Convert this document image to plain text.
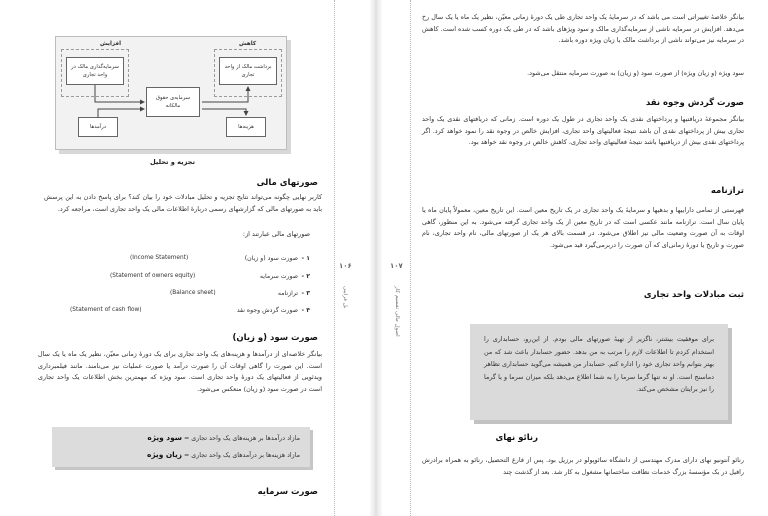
افزایش	کاهش
سرمایه‌گذاری مالک در واحد تجاری
برداشت مالک از واحد تجاری
سرمایه‌ی حقوق مالکانه
درآمدها	هزینه‌ها
تجزیه و تحلیل
صورتهای مالی

کاربر نهایی چگونه می‌تواند نتایج تجزیه و تحلیل مبادلات خود را بیان کند؟ برای پاسخ دادن به این پرسش باید به صورتهای مالی که گزارشهای رسمی دربارهٔ اطلاعات مالی یک واحد تجاری است، مراجعه کرد.

صورتهای مالی عبارتند از:

۱ -
صورت سود (و زیان)
(Income Statement)
۲ -
صورت سرمایه
(Statement of owners equity)
۳ -
ترازنامه
(Balance sheet)
۴ -
صورت گردش وجوه نقد
(Statement of cash flow)
صورت سود (و زیان)

بیانگر خلاصه‌ای از درآمدها و هزینه‌های یک واحد تجاری برای یک دورهٔ زمانی معیّن، نظیر یک ماه یا یک سال است. این صورت را گاهی اوقات آن را صورت درآمد یا صورت عملیات نیز می‌نامند. مانند فیلمبرداری ویدئویی از فعالیتهای یک دورهٔ واحد تجاری است. سود ویژه که مهمترین بخش اطلاعات یک واحد تجاری است در صورت سود (و زیان) منعکس می‌شود.

مازاد درآمدها بر هزینه‌های یک واحد تجاری = سود ویژه
مازاد هزینه‌ها بر درآمدهای یک واحد تجاری = زیان ویژه
صورت سرمایه
۱۰۶
بل فرایبی
۱۰۷
اصول مالی تقسیم کار

بیانگر خلاصهٔ تغییراتی است می باشد که در سرمایهٔ یک واحد تجاری طی یک دورهٔ زمانی معیّن، نظیر یک ماه یا یک سال رخ می‌دهد. افزایش در سرمایه ناشی از سرمایه‌گذاری مالک و سود ویژهای باشد که در طی یک دوره کسب شده است. کاهش در سرمایه نیز می‌تواند ناشی از برداشت مالک یا زیان ویژه دوره باشد.

سود ویژه (و زیان ویژه) از صورت سود (و زیان) به صورت سرمایه منتقل می‌شود.

صورت گردش وجوه نقد

بیانگر مجموعهٔ دریافتیها و پرداختهای نقدی یک واحد تجاری در طول یک دوره است. زمانی که دریافتهای نقدی یک واحد تجاری بیش از پرداختهای نقدی آن باشد نتیجهٔ فعالیتهای واحد تجاری، افزایش خالص در وجوه نقد را نمود خواهد کرد. اگر پرداختهای نقدی بیش از دریافتیها باشد نتیجهٔ فعالیتهای واحد تجاری، کاهش خالص در وجوه نقد خواهد بود.

ترازنامه

فهرستی از تمامی داراییها و بدهیها و سرمایهٔ یک واحد تجاری در یک تاریخ معین است. این تاریخ معین، معمولاً پایان ماه یا پایان سال است. ترازنامه مانند عکسی است که در تاریخ معین از یک واحد تجاری گرفته می‌شود. به این منظور، گاهی اوقات به آن صورت وضعیت مالی نیز اطلاق می‌شود. در قسمت بالای هر یک از صورتهای مالی، نام واحد تجاری، نام صورت و تاریخ یا دورهٔ زمانی‌ای که آن صورت را دربرمی‌گیرد قید می‌شود.

ثبت مبادلات واحد تجاری

برای موفقیت بیشتر، ناگزیر از تهیهٔ صورتهای مالی بودم. از این‌رو، حسابداری را استخدام کردم تا اطلاعات لازم را مرتب به من بدهد. حضور حسابدار باعث شد که من بهتر بتوانم واحد تجاری خود را اداره کنم. حسابدار من همیشه می‌گوید حسابداری تظاهر دماسنج است. او نه تنها گرما سرما را به شما اطلاع می‌دهد بلکه میزان سرما و یا گرما را نیز برایتان مشخص می‌کند.

رنائو نهای

رنائو آنتونیو نهای دارای مدرک مهندسی از دانشگاه سائوپولو در برزیل بود. پس از فارغ التحصیل، رنائو به همراه برادرش رافیل در یک مؤسسهٔ بزرگ خدمات نظافت ساختمانها مشغول به کار شد. بعد از گذشت چند
